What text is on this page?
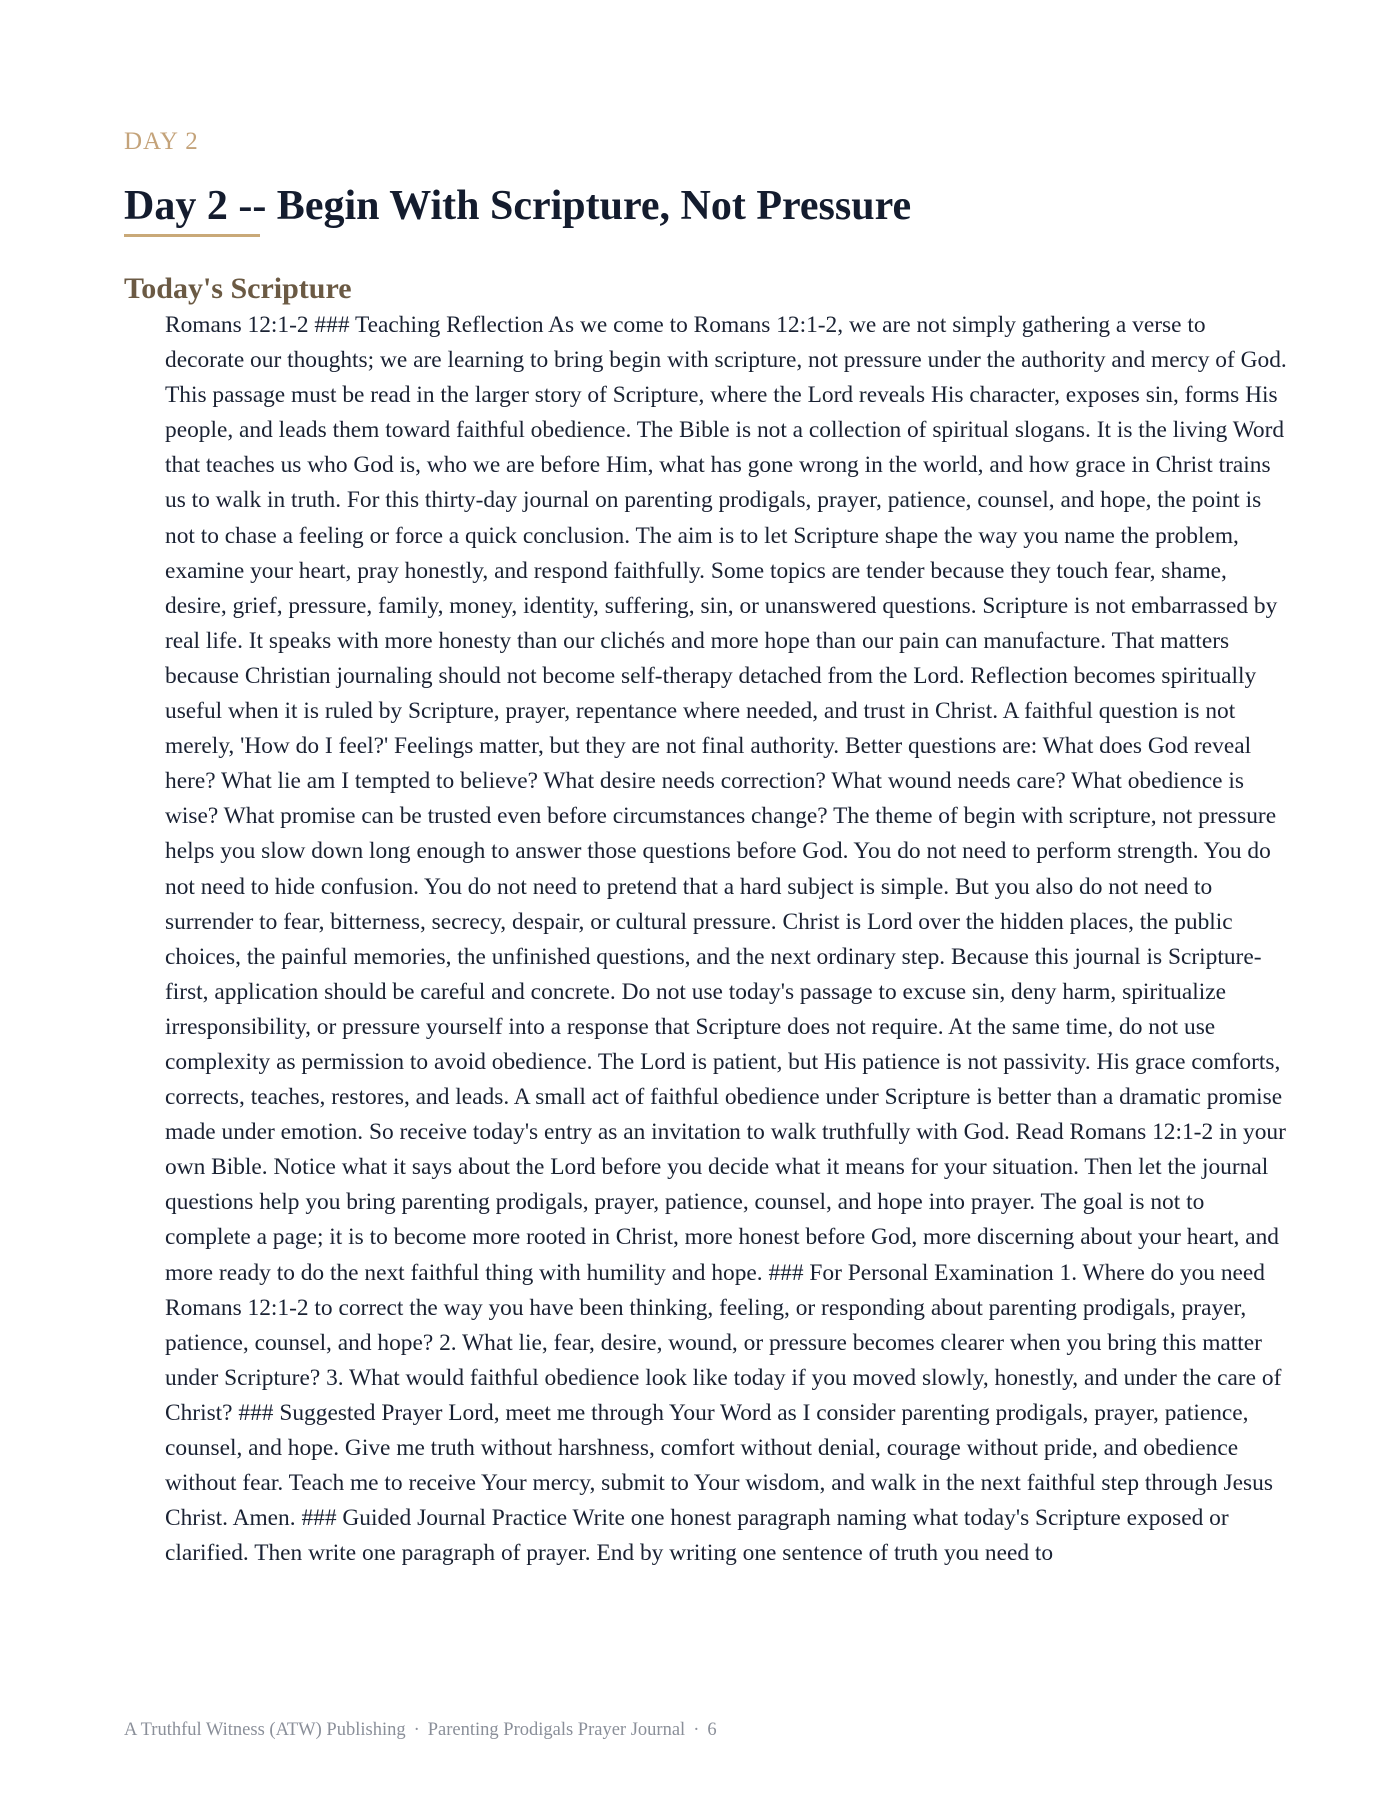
DAY 2
Day 2 -- Begin With Scripture, Not Pressure
Today's Scripture

Romans 12:1-2 ### Teaching Reflection As we come to Romans 12:1-2, we are not simply gathering a verse to decorate our thoughts; we are learning to bring begin with scripture, not pressure under the authority and mercy of God. This passage must be read in the larger story of Scripture, where the Lord reveals His character, exposes sin, forms His people, and leads them toward faithful obedience. The Bible is not a collection of spiritual slogans. It is the living Word that teaches us who God is, who we are before Him, what has gone wrong in the world, and how grace in Christ trains us to walk in truth. For this thirty-day journal on parenting prodigals, prayer, patience, counsel, and hope, the point is not to chase a feeling or force a quick conclusion. The aim is to let Scripture shape the way you name the problem, examine your heart, pray honestly, and respond faithfully. Some topics are tender because they touch fear, shame, desire, grief, pressure, family, money, identity, suffering, sin, or unanswered questions. Scripture is not embarrassed by real life. It speaks with more honesty than our clichés and more hope than our pain can manufacture. That matters because Christian journaling should not become self-therapy detached from the Lord. Reflection becomes spiritually useful when it is ruled by Scripture, prayer, repentance where needed, and trust in Christ. A faithful question is not merely, 'How do I feel?' Feelings matter, but they are not final authority. Better questions are: What does God reveal here? What lie am I tempted to believe? What desire needs correction? What wound needs care? What obedience is wise? What promise can be trusted even before circumstances change? The theme of begin with scripture, not pressure helps you slow down long enough to answer those questions before God. You do not need to perform strength. You do not need to hide confusion. You do not need to pretend that a hard subject is simple. But you also do not need to surrender to fear, bitterness, secrecy, despair, or cultural pressure. Christ is Lord over the hidden places, the public choices, the painful memories, the unfinished questions, and the next ordinary step. Because this journal is Scripture-first, application should be careful and concrete. Do not use today's passage to excuse sin, deny harm, spiritualize irresponsibility, or pressure yourself into a response that Scripture does not require. At the same time, do not use complexity as permission to avoid obedience. The Lord is patient, but His patience is not passivity. His grace comforts, corrects, teaches, restores, and leads. A small act of faithful obedience under Scripture is better than a dramatic promise made under emotion. So receive today's entry as an invitation to walk truthfully with God. Read Romans 12:1-2 in your own Bible. Notice what it says about the Lord before you decide what it means for your situation. Then let the journal questions help you bring parenting prodigals, prayer, patience, counsel, and hope into prayer. The goal is not to complete a page; it is to become more rooted in Christ, more honest before God, more discerning about your heart, and more ready to do the next faithful thing with humility and hope. ### For Personal Examination 1. Where do you need Romans 12:1-2 to correct the way you have been thinking, feeling, or responding about parenting prodigals, prayer, patience, counsel, and hope? 2. What lie, fear, desire, wound, or pressure becomes clearer when you bring this matter under Scripture? 3. What would faithful obedience look like today if you moved slowly, honestly, and under the care of Christ? ### Suggested Prayer Lord, meet me through Your Word as I consider parenting prodigals, prayer, patience, counsel, and hope. Give me truth without harshness, comfort without denial, courage without pride, and obedience without fear. Teach me to receive Your mercy, submit to Your wisdom, and walk in the next faithful step through Jesus Christ. Amen. ### Guided Journal Practice Write one honest paragraph naming what today's Scripture exposed or clarified. Then write one paragraph of prayer. End by writing one sentence of truth you need to

A Truthful Witness (ATW) Publishing · Parenting Prodigals Prayer Journal · 6
